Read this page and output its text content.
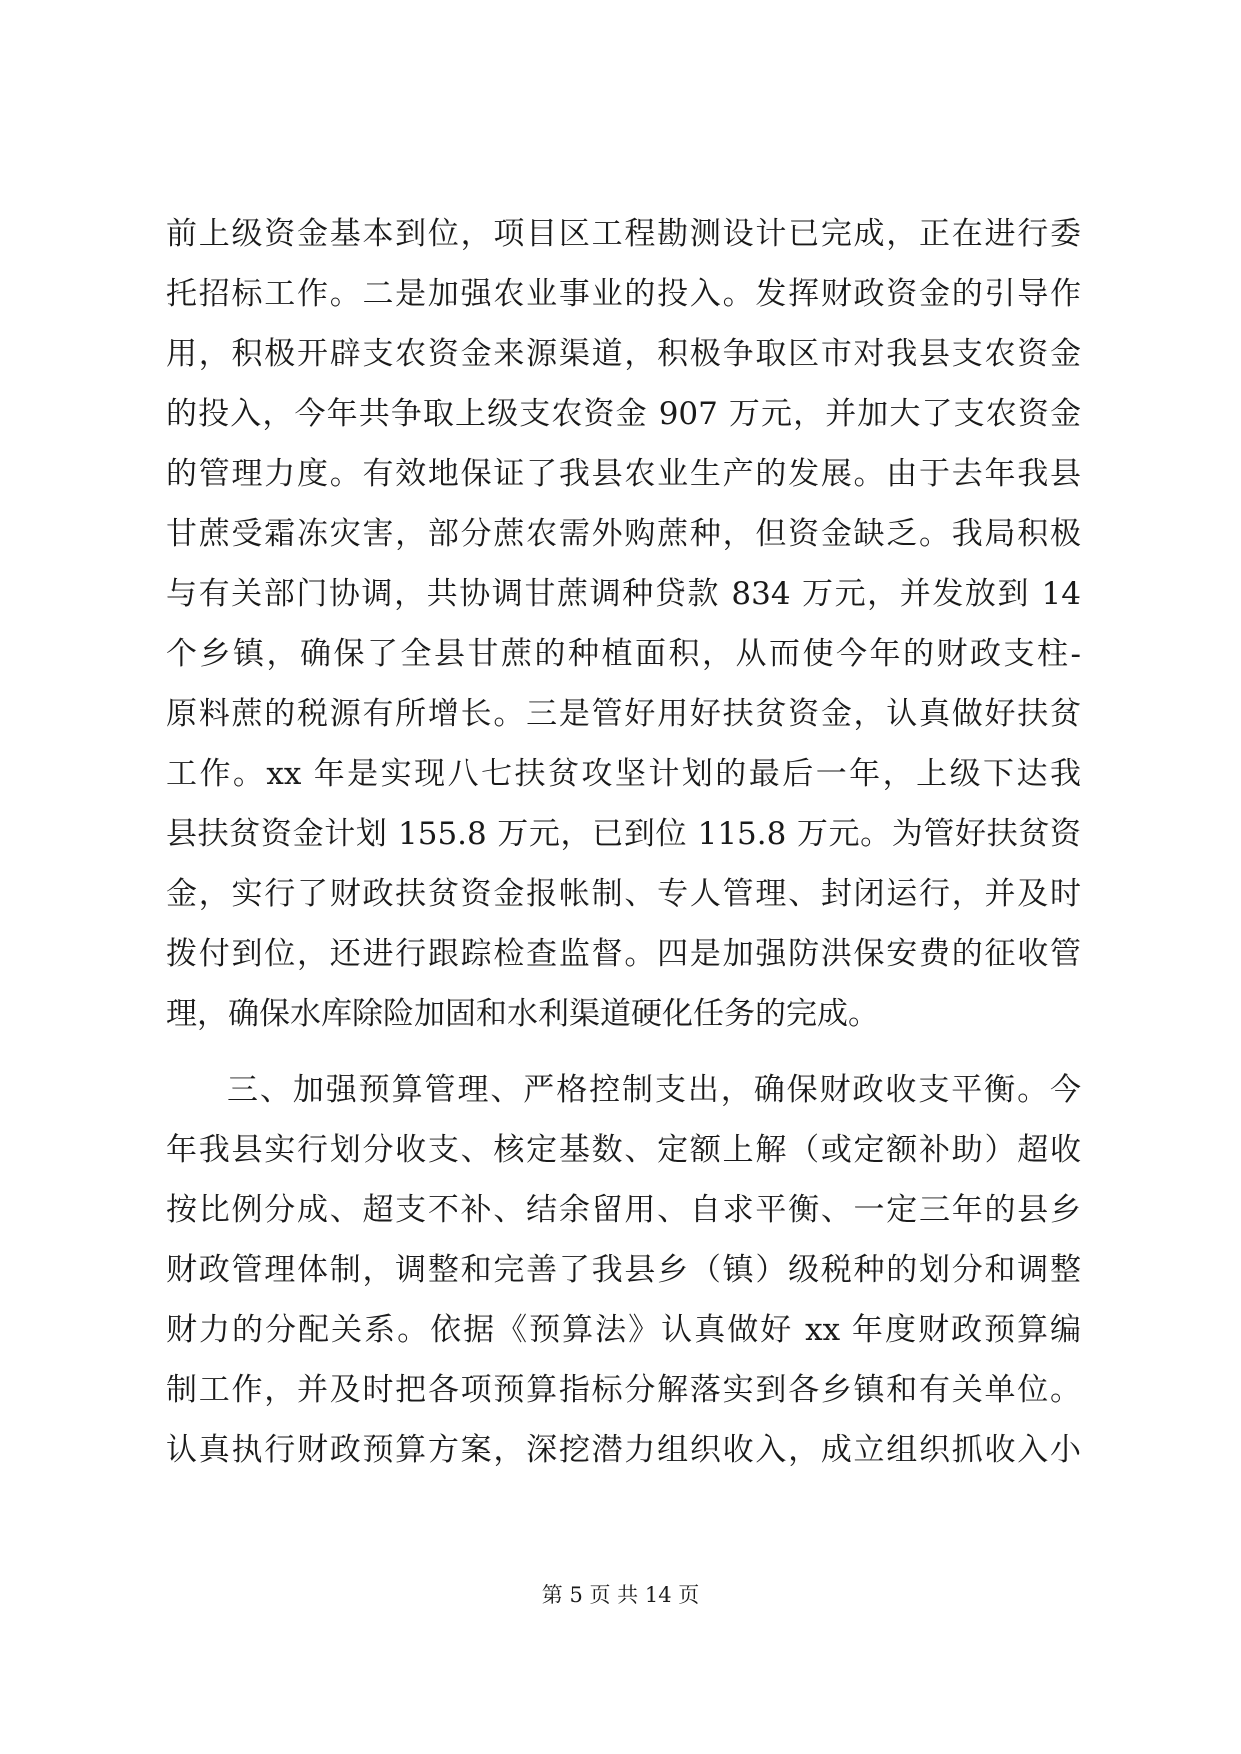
前上级资金基本到位，项目区工程勘测设计已完成，正在进行委
托招标工作。二是加强农业事业的投入。发挥财政资金的引导作
用，积极开辟支农资金来源渠道，积极争取区市对我县支农资金
的投入，今年共争取上级支农资金 907 万元，并加大了支农资金
的管理力度。有效地保证了我县农业生产的发展。由于去年我县
甘蔗受霜冻灾害，部分蔗农需外购蔗种，但资金缺乏。我局积极
与有关部门协调，共协调甘蔗调种贷款 834 万元，并发放到 14
个乡镇，确保了全县甘蔗的种植面积，从而使今年的财政支柱-
原料蔗的税源有所增长。三是管好用好扶贫资金，认真做好扶贫
工作。xx 年是实现八七扶贫攻坚计划的最后一年，上级下达我
县扶贫资金计划 155.8 万元，已到位 115.8 万元。为管好扶贫资
金，实行了财政扶贫资金报帐制、专人管理、封闭运行，并及时
拨付到位，还进行跟踪检查监督。四是加强防洪保安费的征收管
理，确保水库除险加固和水利渠道硬化任务的完成。
三、加强预算管理、严格控制支出，确保财政收支平衡。今
年我县实行划分收支、核定基数、定额上解（或定额补助）超收
按比例分成、超支不补、结余留用、自求平衡、一定三年的县乡
财政管理体制，调整和完善了我县乡（镇）级税种的划分和调整
财力的分配关系。依据《预算法》认真做好 xx 年度财政预算编
制工作，并及时把各项预算指标分解落实到各乡镇和有关单位。
认真执行财政预算方案，深挖潜力组织收入，成立组织抓收入小
第 5 页 共 14 页
